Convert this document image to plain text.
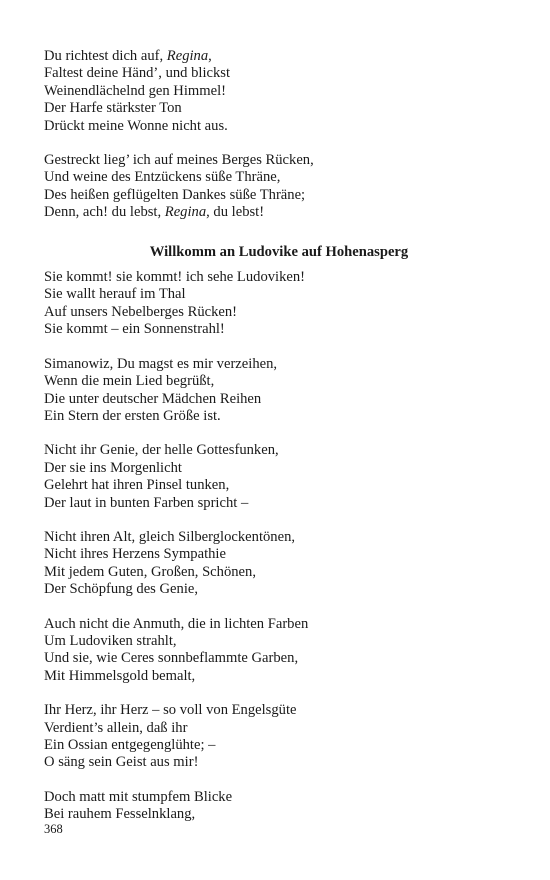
Du richtest dich auf, Regina,
Faltest deine Händ’, und blickst
Weinendlächelnd gen Himmel!
Der Harfe stärkster Ton
Drückt meine Wonne nicht aus.
Gestreckt lieg’ ich auf meines Berges Rücken,
Und weine des Entzückens süße Thräne,
Des heißen geflügelten Dankes süße Thräne;
Denn, ach! du lebst, Regina, du lebst!
Willkomm an Ludovike auf Hohenasperg
Sie kommt! sie kommt! ich sehe Ludoviken!
Sie wallt herauf im Thal
Auf unsers Nebelberges Rücken!
Sie kommt – ein Sonnenstrahl!
Simanowiz, Du magst es mir verzeihen,
Wenn die mein Lied begrüßt,
Die unter deutscher Mädchen Reihen
Ein Stern der ersten Größe ist.
Nicht ihr Genie, der helle Gottesfunken,
Der sie ins Morgenlicht
Gelehrt hat ihren Pinsel tunken,
Der laut in bunten Farben spricht –
Nicht ihren Alt, gleich Silberglockentönen,
Nicht ihres Herzens Sympathie
Mit jedem Guten, Großen, Schönen,
Der Schöpfung des Genie,
Auch nicht die Anmuth, die in lichten Farben
Um Ludoviken strahlt,
Und sie, wie Ceres sonnbeflammte Garben,
Mit Himmelsgold bemalt,
Ihr Herz, ihr Herz – so voll von Engelsgüte
Verdient’s allein, daß ihr
Ein Ossian entgegenglühte; –
O säng sein Geist aus mir!
Doch matt mit stumpfem Blicke
Bei rauhem Fesselnklang,
368
